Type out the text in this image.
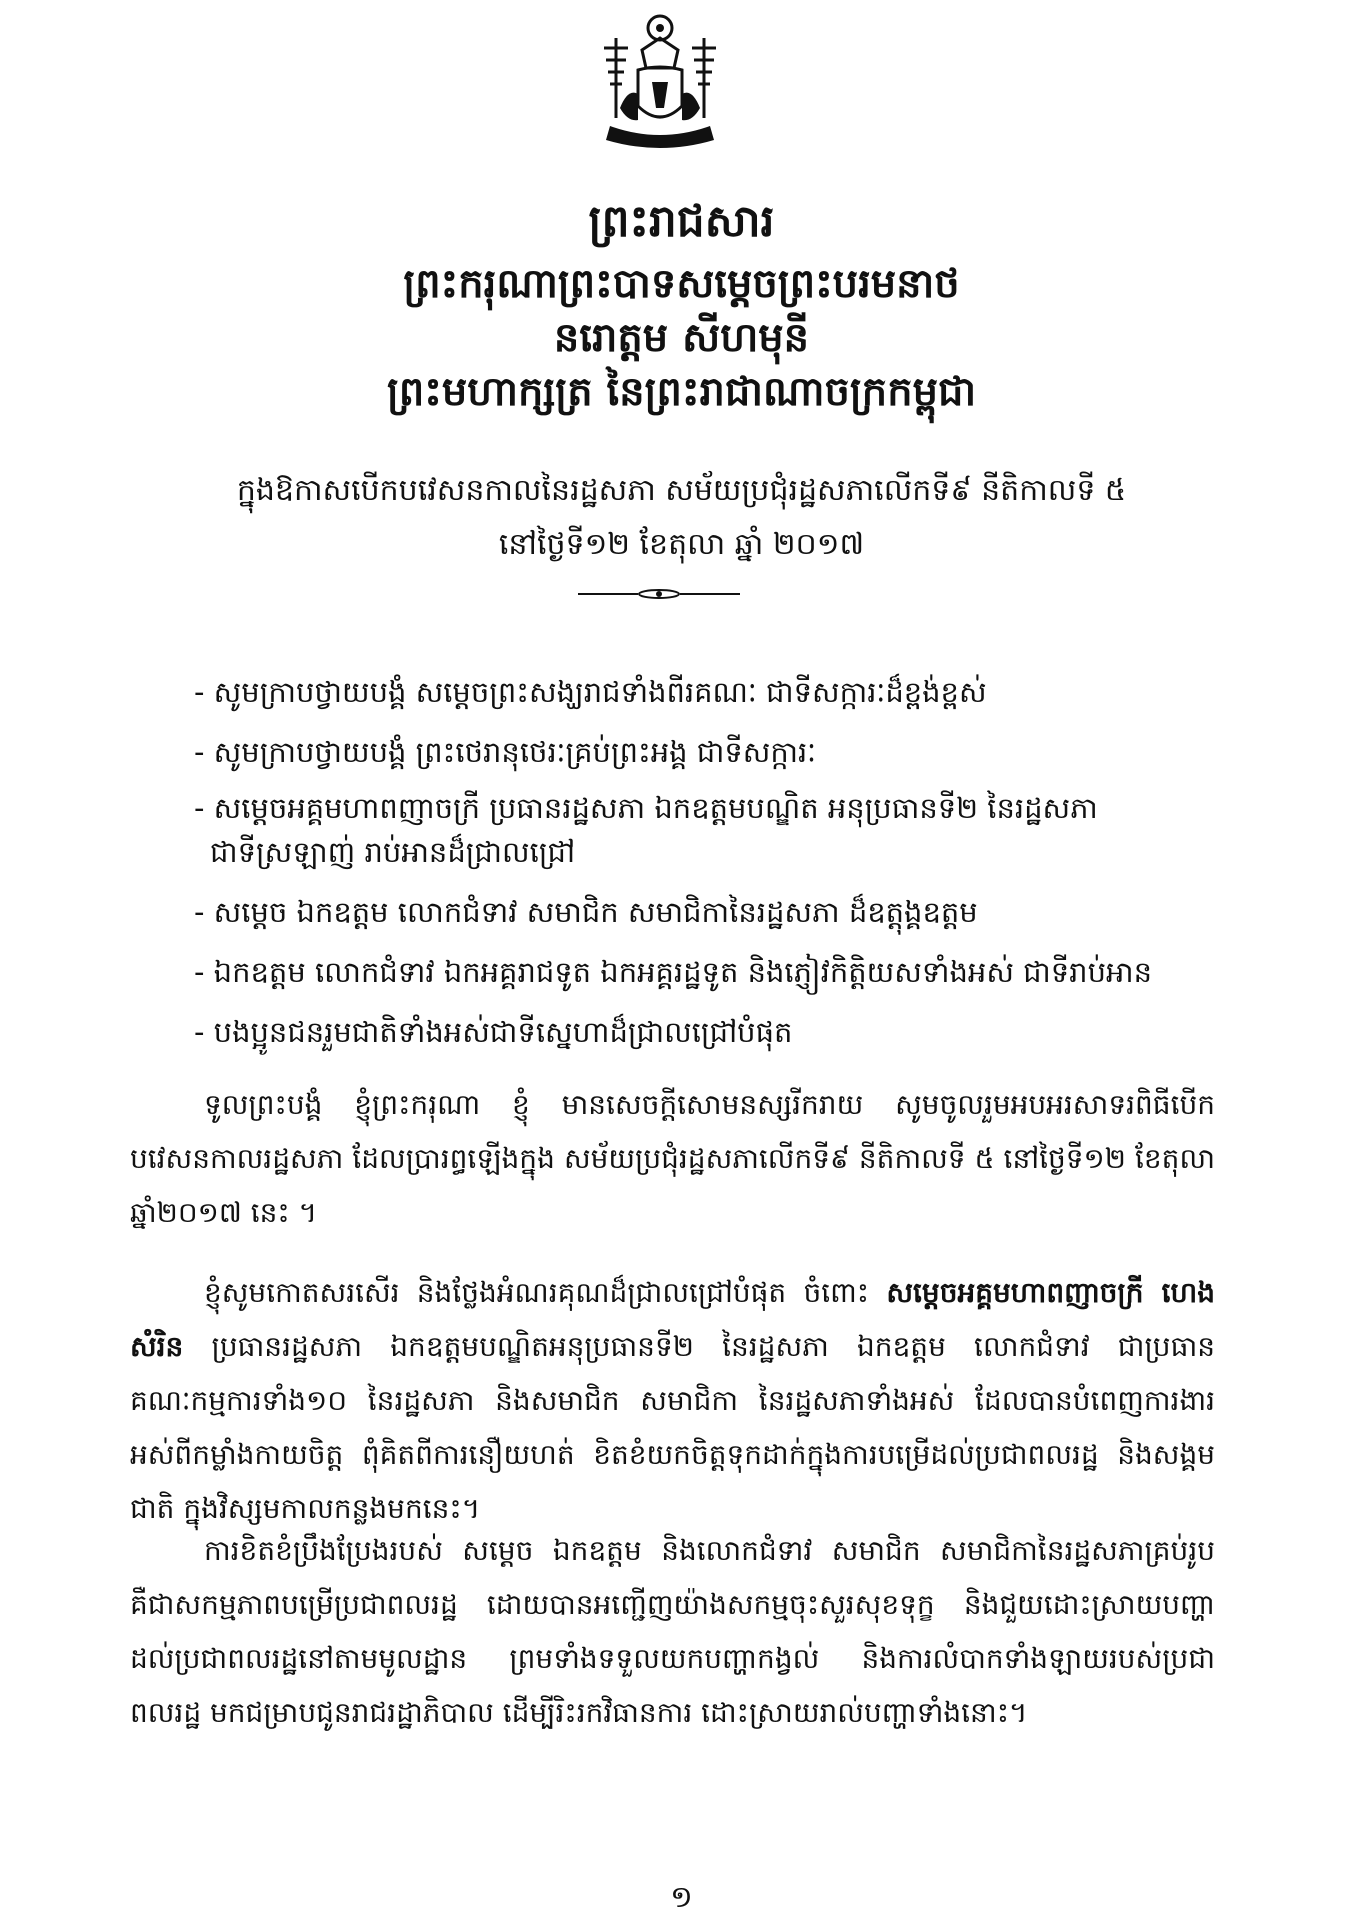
ព្រះរាជសារ
ព្រះករុណាព្រះបាទសម្តេចព្រះបរមនាថ
នរោត្តម សីហមុនី
ព្រះមហាក្សត្រ នៃព្រះរាជាណាចក្រកម្ពុជា
ក្នុងឱកាសបើកបវេសនកាលនៃរដ្ឋសភា សម័យប្រជុំរដ្ឋសភាលើកទី៩ នីតិកាលទី ៥
នៅថ្ងៃទី១២ ខែតុលា ឆ្នាំ ២០១៧
- សូមក្រាបថ្វាយបង្គំ សម្តេចព្រះសង្ឃរាជទាំងពីរគណៈ ជាទីសក្ការៈដ៏ខ្ពង់ខ្ពស់
- សូមក្រាបថ្វាយបង្គំ ព្រះថេរានុថេរៈគ្រប់ព្រះអង្គ ជាទីសក្ការៈ
- សម្តេចអគ្គមហាពញាចក្រី ប្រធានរដ្ឋសភា ឯកឧត្តមបណ្ឌិត អនុប្រធានទី២ នៃរដ្ឋសភា
ជាទីស្រឡាញ់ រាប់អានដ៏ជ្រាលជ្រៅ
- សម្តេច ឯកឧត្តម លោកជំទាវ សមាជិក សមាជិកានៃរដ្ឋសភា ដ៏ឧត្តុង្គឧត្តម
- ឯកឧត្តម លោកជំទាវ ឯកអគ្គរាជទូត ឯកអគ្គរដ្ឋទូត និងភ្ញៀវកិត្តិយសទាំងអស់ ជាទីរាប់អាន
- បងប្អូនជនរួមជាតិទាំងអស់ជាទីស្នេហាដ៏ជ្រាលជ្រៅបំផុត
ទូលព្រះបង្គំ ខ្ញុំព្រះករុណា ខ្ញុំ មានសេចក្តីសោមនស្សរីករាយ សូមចូលរួមអបអរសាទរពិធីបើកបវេសនកាលរដ្ឋសភា ដែលប្រារព្ធឡើងក្នុង សម័យប្រជុំរដ្ឋសភាលើកទី៩ នីតិកាលទី ៥ នៅថ្ងៃទី១២ ខែតុលា ឆ្នាំ២០១៧ នេះ ។
ខ្ញុំសូមកោតសរសើរ និងថ្លែងអំណរគុណដ៏ជ្រាលជ្រៅបំផុត ចំពោះ សម្តេចអគ្គមហាពញាចក្រី ហេង សំរិន ប្រធានរដ្ឋសភា ឯកឧត្តមបណ្ឌិតអនុប្រធានទី២ នៃរដ្ឋសភា ឯកឧត្តម លោកជំទាវ ជាប្រធានគណៈកម្មការទាំង១០ នៃរដ្ឋសភា និងសមាជិក សមាជិកា នៃរដ្ឋសភាទាំងអស់ ដែលបានបំពេញការងារអស់ពីកម្លាំងកាយចិត្ត ពុំគិតពីការនឿយហត់ ខិតខំយកចិត្តទុកដាក់ក្នុងការបម្រើដល់ប្រជាពលរដ្ឋ និងសង្គមជាតិ ក្នុងវិស្សមកាលកន្លងមកនេះ។
ការខិតខំប្រឹងប្រែងរបស់ សម្តេច ឯកឧត្តម និងលោកជំទាវ សមាជិក សមាជិកានៃរដ្ឋសភាគ្រប់រូប គឺជាសកម្មភាពបម្រើប្រជាពលរដ្ឋ ដោយបានអញ្ជើញយ៉ាងសកម្មចុះសួរសុខទុក្ខ និងជួយដោះស្រាយបញ្ហាដល់ប្រជាពលរដ្ឋនៅតាមមូលដ្ឋាន ព្រមទាំងទទួលយកបញ្ហាកង្វល់ និងការលំបាកទាំងឡាយរបស់ប្រជាពលរដ្ឋ មកជម្រាបជូនរាជរដ្ឋាភិបាល ដើម្បីរិះរកវិធានការ ដោះស្រាយរាល់បញ្ហាទាំងនោះ។
១
